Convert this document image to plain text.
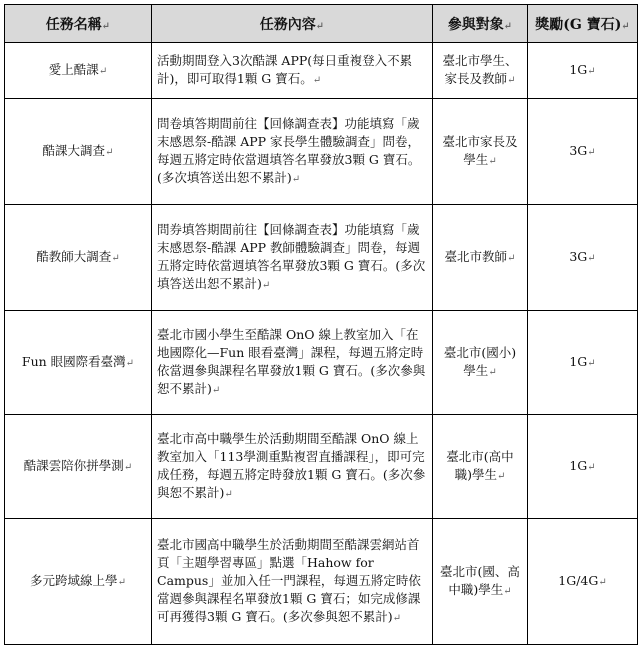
任務名稱↵	任務內容↵	參與對象↵	獎勵(G 寶石)↵
愛上酷課↵	活動期間登入3次酷課 APP(每日重複登入不累計)，即可取得1顆 G 寶石。↵	臺北市學生、家長及教師↵	1G↵
酷課大調查↵	問卷填答期間前往【回條調查表】功能填寫「歲末感恩祭-酷課 APP 家長學生體驗調查」問卷，每週五將定時依當週填答名單發放3顆 G 寶石。(多次填答送出恕不累計)↵	臺北市家長及學生↵	3G↵
酷教師大調查↵	問券填答期間前往【回條調查表】功能填寫「歲末感恩祭-酷課 APP 教師體驗調查」問卷，每週五將定時依當週填答名單發放3顆 G 寶石。(多次填答送出恕不累計)↵	臺北市教師↵	3G↵
Fun 眼國際看臺灣↵	臺北市國小學生至酷課 OnO 線上教室加入「在地國際化—Fun 眼看臺灣」課程，每週五將定時依當週參與課程名單發放1顆 G 寶石。(多次參與恕不累計)↵	臺北市(國小)學生↵	1G↵
酷課雲陪你拼學測↵	臺北市高中職學生於活動期間至酷課 OnO 線上教室加入「113學測重點複習直播課程」，即可完成任務，每週五將定時發放1顆 G 寶石。(多次參與恕不累計)↵	臺北市(高中職)學生↵	1G↵
多元跨域線上學↵	臺北市國高中職學生於活動期間至酷課雲網站首頁「主題學習專區」點選「Hahow for Campus」並加入任一門課程，每週五將定時依當週參與課程名單發放1顆 G 寶石；如完成修課可再獲得3顆 G 寶石。(多次參與恕不累計)↵	臺北市(國、高中職)學生↵	1G/4G↵
